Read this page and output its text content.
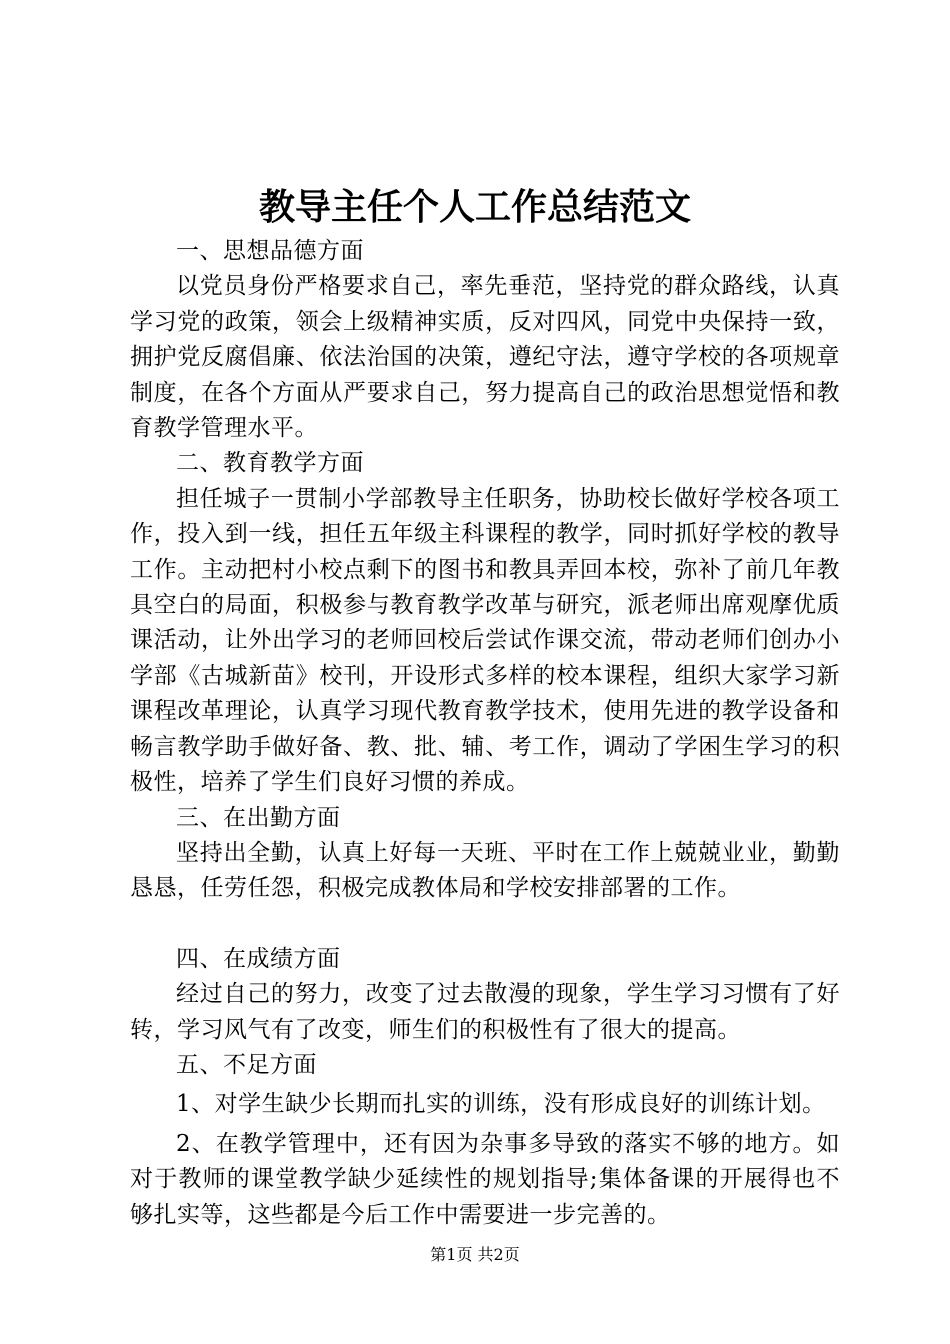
教导主任个人工作总结范文

一、思想品德方面

以党员身份严格要求自己，率先垂范，坚持党的群众路线，认真学习党的政策，领会上级精神实质，反对四风，同党中央保持一致，拥护党反腐倡廉、依法治国的决策，遵纪守法，遵守学校的各项规章制度，在各个方面从严要求自己，努力提高自己的政治思想觉悟和教育教学管理水平。

二、教育教学方面

担任城子一贯制小学部教导主任职务，协助校长做好学校各项工作，投入到一线，担任五年级主科课程的教学，同时抓好学校的教导工作。主动把村小校点剩下的图书和教具弄回本校，弥补了前几年教具空白的局面，积极参与教育教学改革与研究，派老师出席观摩优质课活动，让外出学习的老师回校后尝试作课交流，带动老师们创办小学部《古城新苗》校刊，开设形式多样的校本课程，组织大家学习新课程改革理论，认真学习现代教育教学技术，使用先进的教学设备和畅言教学助手做好备、教、批、辅、考工作，调动了学困生学习的积极性，培养了学生们良好习惯的养成。

三、在出勤方面

坚持出全勤，认真上好每一天班、平时在工作上兢兢业业，勤勤恳恳，任劳任怨，积极完成教体局和学校安排部署的工作。

四、在成绩方面

经过自己的努力，改变了过去散漫的现象，学生学习习惯有了好转，学习风气有了改变，师生们的积极性有了很大的提高。

五、不足方面

1、对学生缺少长期而扎实的训练，没有形成良好的训练计划。

2、在教学管理中，还有因为杂事多导致的落实不够的地方。如对于教师的课堂教学缺少延续性的规划指导;集体备课的开展得也不够扎实等，这些都是今后工作中需要进一步完善的。

第1页 共2页
